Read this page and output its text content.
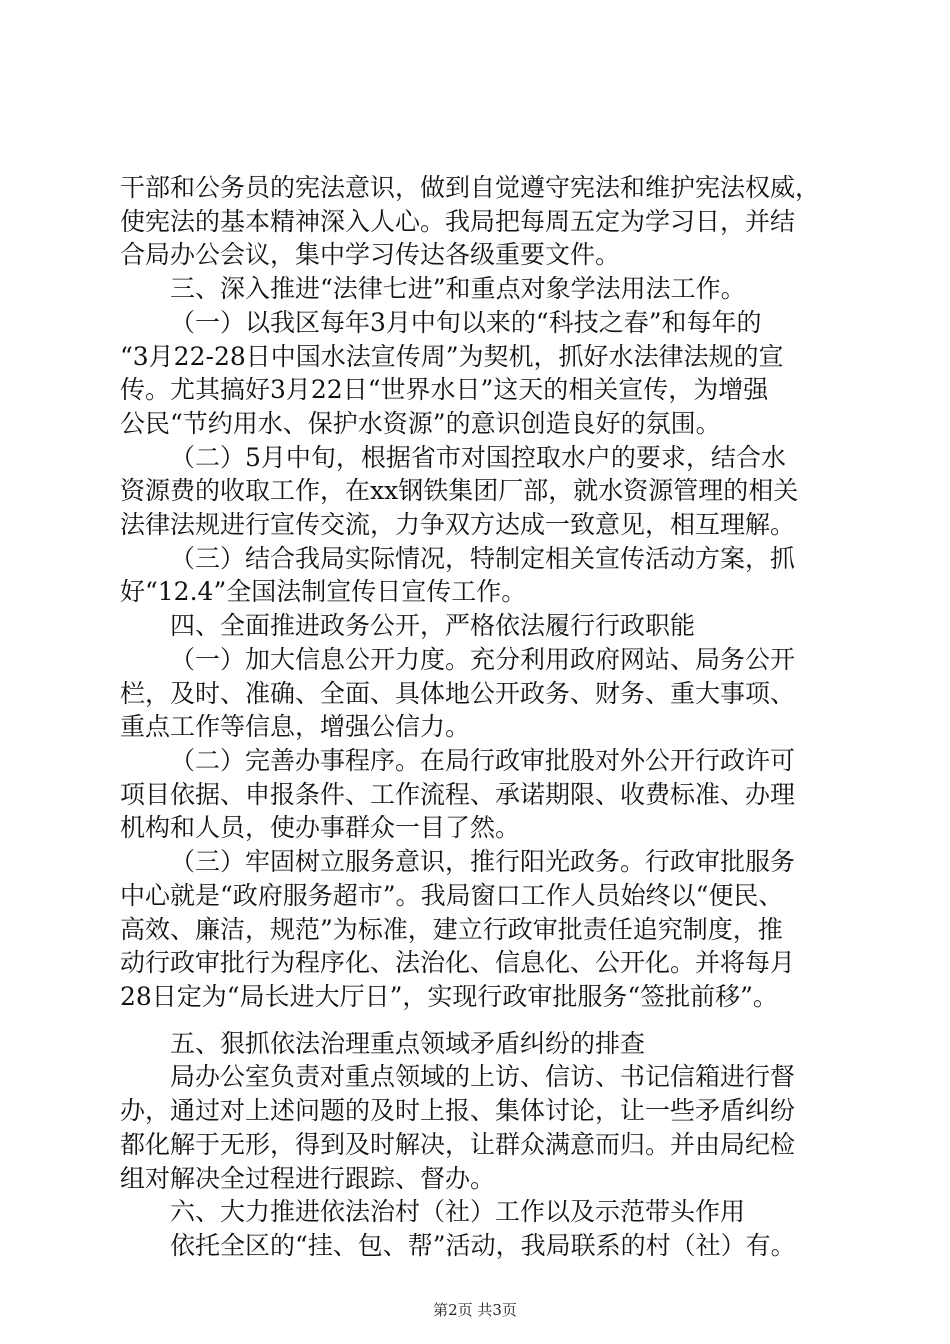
干部和公务员的宪法意识，做到自觉遵守宪法和维护宪法权威，
使宪法的基本精神深入人心。我局把每周五定为学习日，并结
合局办公会议，集中学习传达各级重要文件。
三、深入推进“法律七进”和重点对象学法用法工作。
（一）以我区每年3月中旬以来的“科技之春”和每年的
“3月22-28日中国水法宣传周”为契机，抓好水法律法规的宣
传。尤其搞好3月22日“世界水日”这天的相关宣传，为增强
公民“节约用水、保护水资源”的意识创造良好的氛围。
（二）5月中旬，根据省市对国控取水户的要求，结合水
资源费的收取工作，在xx钢铁集团厂部，就水资源管理的相关
法律法规进行宣传交流，力争双方达成一致意见，相互理解。
（三）结合我局实际情况，特制定相关宣传活动方案，抓
好“12.4”全国法制宣传日宣传工作。
四、全面推进政务公开，严格依法履行行政职能
（一）加大信息公开力度。充分利用政府网站、局务公开
栏，及时、准确、全面、具体地公开政务、财务、重大事项、
重点工作等信息，增强公信力。
（二）完善办事程序。在局行政审批股对外公开行政许可
项目依据、申报条件、工作流程、承诺期限、收费标准、办理
机构和人员，使办事群众一目了然。
（三）牢固树立服务意识，推行阳光政务。行政审批服务
中心就是“政府服务超市”。我局窗口工作人员始终以“便民、
高效、廉洁，规范”为标准，建立行政审批责任追究制度，推
动行政审批行为程序化、法治化、信息化、公开化。并将每月
28日定为“局长进大厅日”，实现行政审批服务“签批前移”。
五、狠抓依法治理重点领域矛盾纠纷的排查
局办公室负责对重点领域的上访、信访、书记信箱进行督
办，通过对上述问题的及时上报、集体讨论，让一些矛盾纠纷
都化解于无形，得到及时解决，让群众满意而归。并由局纪检
组对解决全过程进行跟踪、督办。
六、大力推进依法治村（社）工作以及示范带头作用
依托全区的“挂、包、帮”活动，我局联系的村（社）有。
第2页 共3页
